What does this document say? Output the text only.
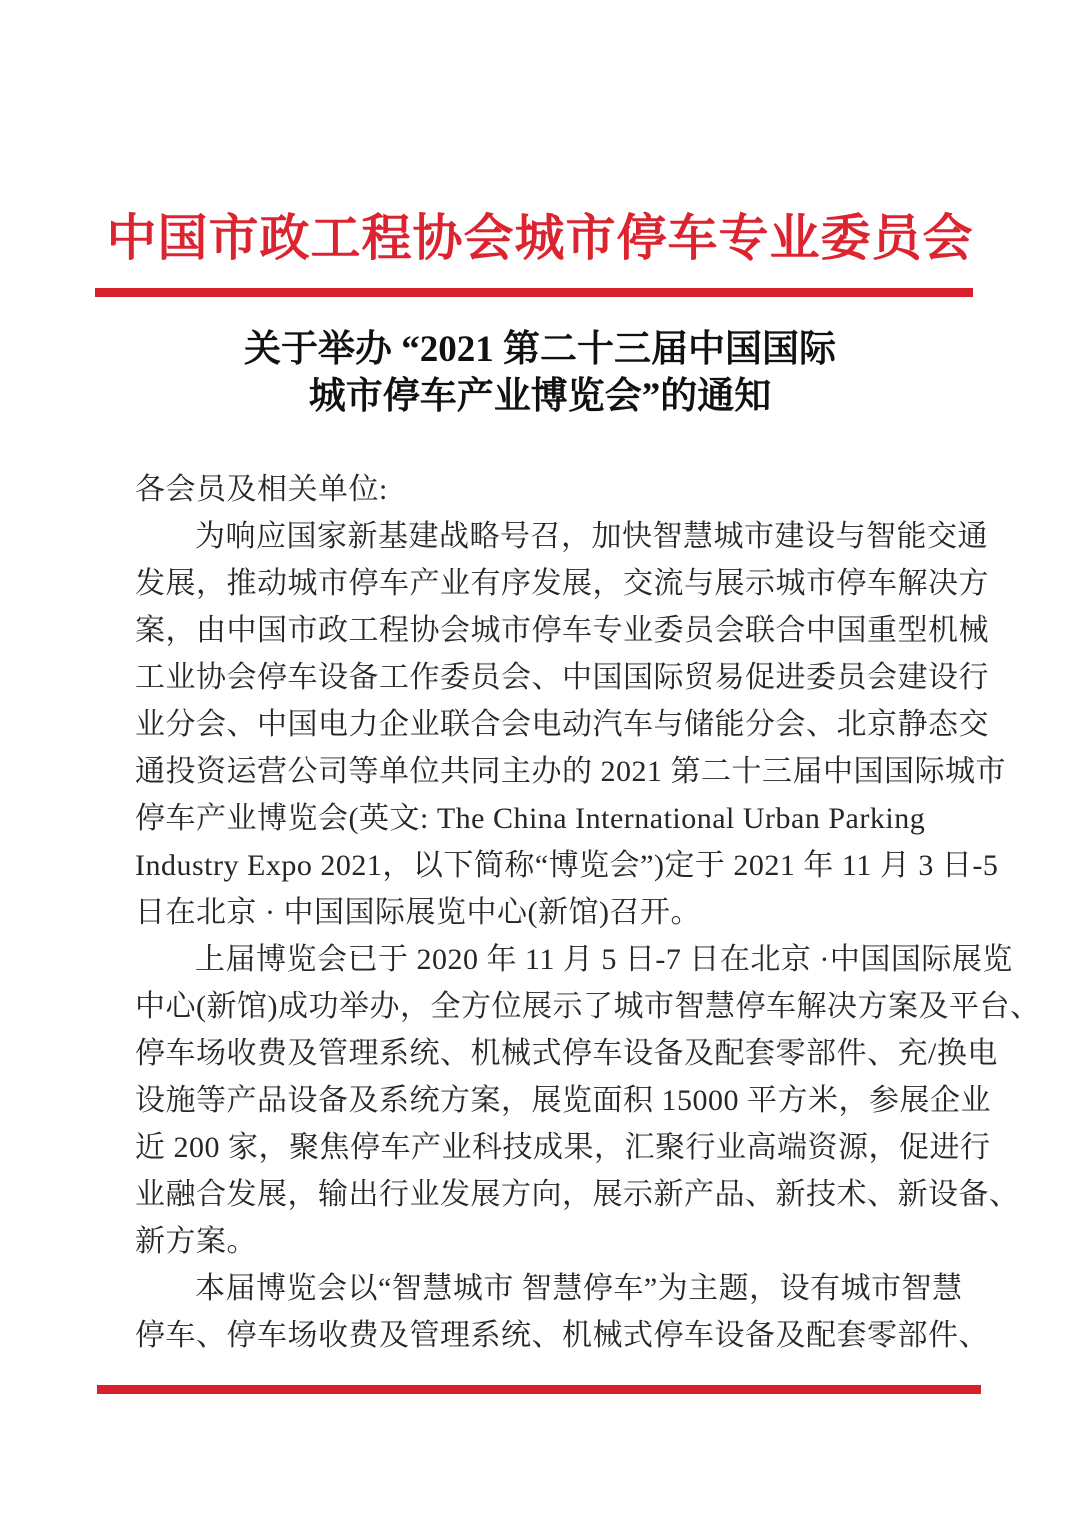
中国市政工程协会城市停车专业委员会
关于举办 “2021 第二十三届中国国际
城市停车产业博览会”的通知
各会员及相关单位:
为响应国家新基建战略号召，加快智慧城市建设与智能交通
发展，推动城市停车产业有序发展，交流与展示城市停车解决方
案，由中国市政工程协会城市停车专业委员会联合中国重型机械
工业协会停车设备工作委员会、中国国际贸易促进委员会建设行
业分会、中国电力企业联合会电动汽车与储能分会、北京静态交
通投资运营公司等单位共同主办的 2021 第二十三届中国国际城市
停车产业博览会(英文: The China International Urban Parking
Industry Expo 2021，以下简称“博览会”)定于 2021 年 11 月 3 日-5
日在北京 · 中国国际展览中心(新馆)召开。
上届博览会已于 2020 年 11 月 5 日-7 日在北京 ·中国国际展览
中心(新馆)成功举办，全方位展示了城市智慧停车解决方案及平台、
停车场收费及管理系统、机械式停车设备及配套零部件、充/换电
设施等产品设备及系统方案，展览面积 15000 平方米，参展企业
近 200 家，聚焦停车产业科技成果，汇聚行业高端资源，促进行
业融合发展，输出行业发展方向，展示新产品、新技术、新设备、
新方案。
本届博览会以“智慧城市 智慧停车”为主题，设有城市智慧
停车、停车场收费及管理系统、机械式停车设备及配套零部件、
